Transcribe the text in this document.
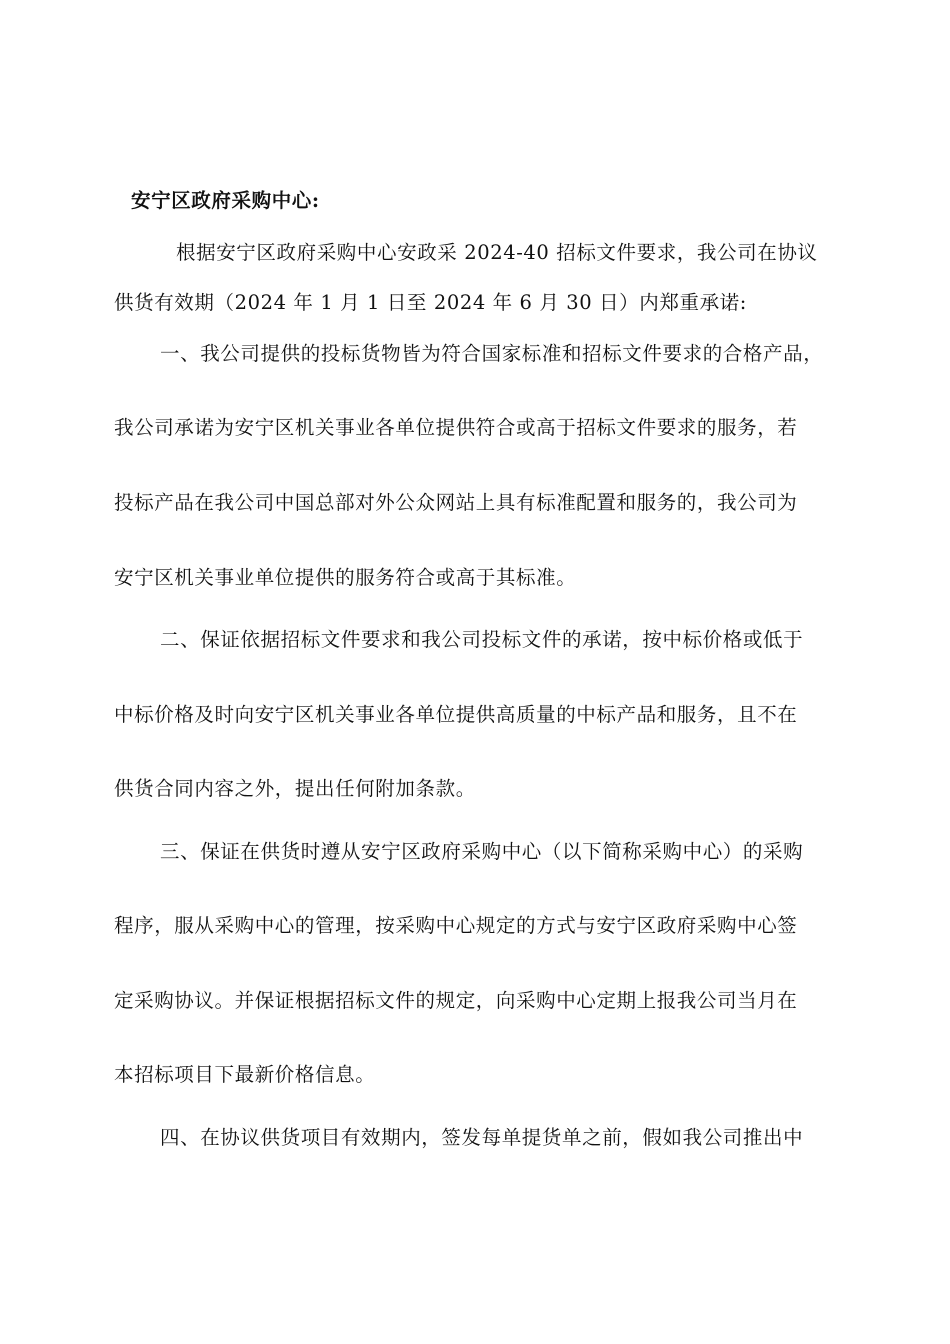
安宁区政府采购中心:
根据安宁区政府采购中心安政采 2024-40 招标文件要求，我公司在协议
供货有效期（2024 年 1 月 1 日至 2024 年 6 月 30 日）内郑重承诺:
一、我公司提供的投标货物皆为符合国家标准和招标文件要求的合格产品，
我公司承诺为安宁区机关事业各单位提供符合或高于招标文件要求的服务，若
投标产品在我公司中国总部对外公众网站上具有标准配置和服务的，我公司为
安宁区机关事业单位提供的服务符合或高于其标准。
二、保证依据招标文件要求和我公司投标文件的承诺，按中标价格或低于
中标价格及时向安宁区机关事业各单位提供高质量的中标产品和服务，且不在
供货合同内容之外，提出任何附加条款。
三、保证在供货时遵从安宁区政府采购中心（以下简称采购中心）的采购
程序，服从采购中心的管理，按采购中心规定的方式与安宁区政府采购中心签
定采购协议。并保证根据招标文件的规定，向采购中心定期上报我公司当月在
本招标项目下最新价格信息。
四、在协议供货项目有效期内，签发每单提货单之前，假如我公司推出中
